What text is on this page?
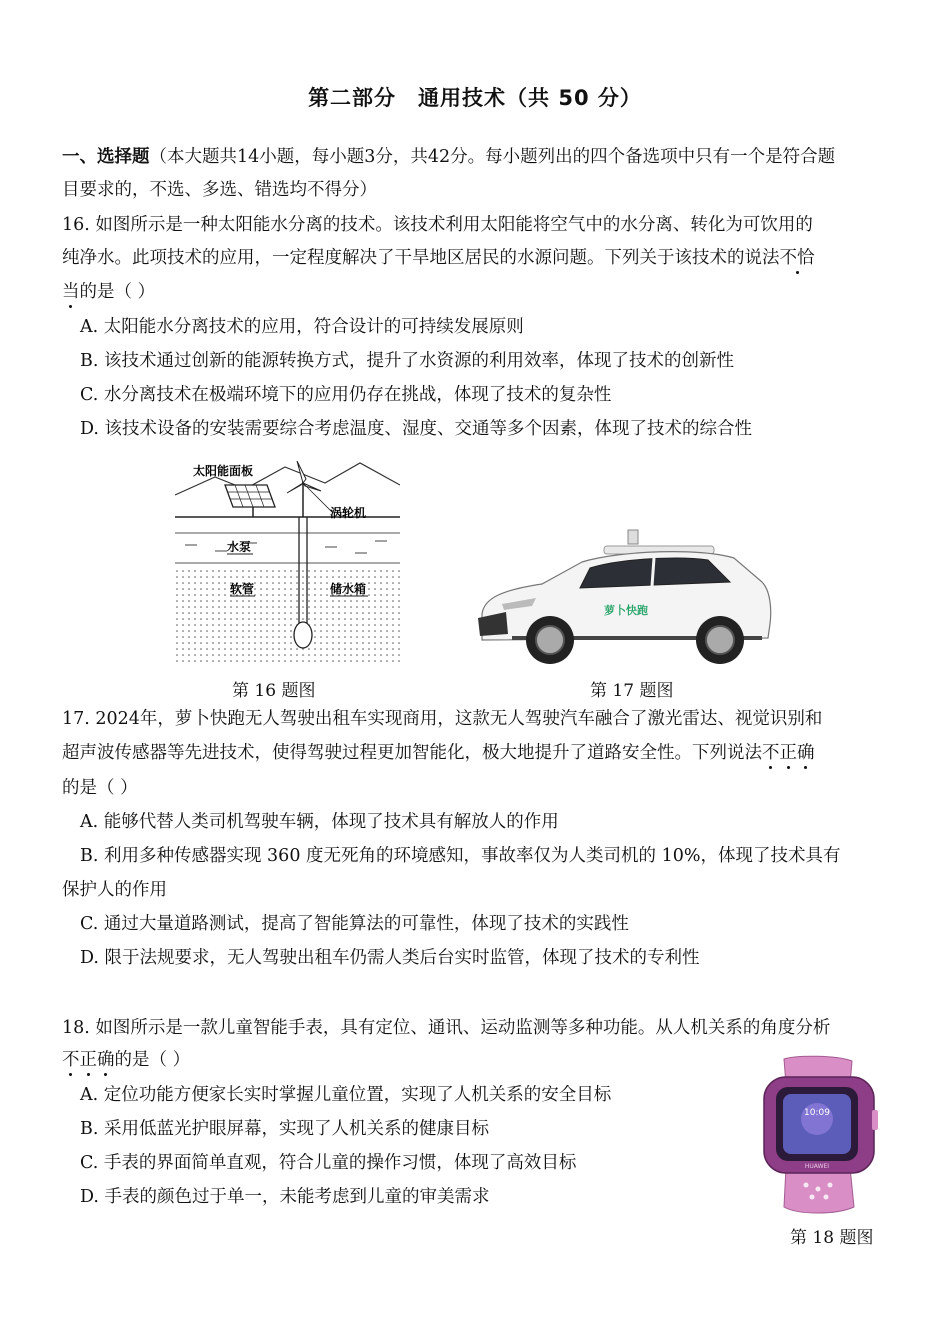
第二部分　通用技术（共 50 分）
一、选择题（本大题共14小题，每小题3分，共42分。每小题列出的四个备选项中只有一个是符合题
目要求的，不选、多选、错选均不得分）
16. 如图所示是一种太阳能水分离的技术。该技术利用太阳能将空气中的水分离、转化为可饮用的
纯净水。此项技术的应用，一定程度解决了干旱地区居民的水源问题。下列关于该技术的说法不恰
当的是（ ）
A. 太阳能水分离技术的应用，符合设计的可持续发展原则
B. 该技术通过创新的能源转换方式，提升了水资源的利用效率，体现了技术的创新性
C. 水分离技术在极端环境下的应用仍存在挑战，体现了技术的复杂性
D. 该技术设备的安装需要综合考虑温度、湿度、交通等多个因素，体现了技术的综合性
太阳能面板
涡轮机
水泵
软管	储水箱
第 16 题图
萝卜快跑
第 17 题图
17. 2024年，萝卜快跑无人驾驶出租车实现商用，这款无人驾驶汽车融合了激光雷达、视觉识别和
超声波传感器等先进技术，使得驾驶过程更加智能化，极大地提升了道路安全性。下列说法不正确
的是（ ）
A. 能够代替人类司机驾驶车辆，体现了技术具有解放人的作用
B. 利用多种传感器实现 360 度无死角的环境感知，事故率仅为人类司机的 10%，体现了技术具有
保护人的作用
C. 通过大量道路测试，提高了智能算法的可靠性，体现了技术的实践性
D. 限于法规要求，无人驾驶出租车仍需人类后台实时监管，体现了技术的专利性
18. 如图所示是一款儿童智能手表，具有定位、通讯、运动监测等多种功能。从人机关系的角度分析
不正确的是（ ）
A. 定位功能方便家长实时掌握儿童位置，实现了人机关系的安全目标
B. 采用低蓝光护眼屏幕，实现了人机关系的健康目标
C. 手表的界面简单直观，符合儿童的操作习惯，体现了高效目标
D. 手表的颜色过于单一，未能考虑到儿童的审美需求
10:09
HUAWEI
第 18 题图
